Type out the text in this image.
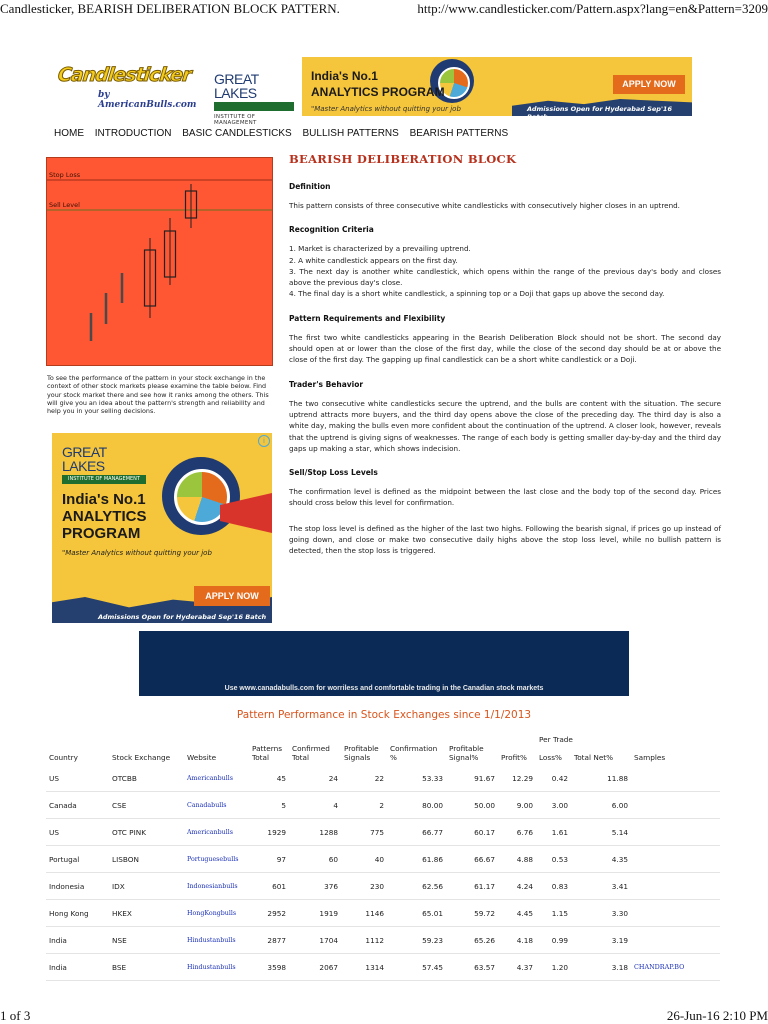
Candlesticker, BEARISH DELIBERATION BLOCK PATTERN.	http://www.candlesticker.com/Pattern.aspx?lang=en&Pattern=3209
1 of 3	26-Jun-16 2:10 PM
Candlesticker
by AmericanBulls.com
GREAT LAKES
INSTITUTE OF MANAGEMENT
India's No.1
ANALYTICS PROGRAM
"Master Analytics without quitting your job
APPLY NOW
Admissions Open for Hyderabad Sep'16 Batch
HOME INTRODUCTION BASIC CANDLESTICKS BULLISH PATTERNS BEARISH PATTERNS
Stop Loss
Sell Level
To see the performance of the pattern in your stock exchange in the context of other stock markets please examine the table below. Find your stock market there and see how it ranks among the others. This will give you an idea about the pattern's strength and reliability and help you in your selling decisions.
i
GREAT LAKES
INSTITUTE OF MANAGEMENT
India's No.1
ANALYTICS
PROGRAM
"Master Analytics without quitting your job
APPLY NOW
Admissions Open for Hyderabad Sep'16 Batch
BEARISH DELIBERATION BLOCK
Definition
This pattern consists of three consecutive white candlesticks with consecutively higher closes in an uptrend.
Recognition Criteria
1. Market is characterized by a prevailing uptrend.
2. A white candlestick appears on the first day.
3. The next day is another white candlestick, which opens within the range of the previous day's body and closes above the previous day's close.
4. The final day is a short white candlestick, a spinning top or a Doji that gaps up above the second day.
Pattern Requirements and Flexibility
The first two white candlesticks appearing in the Bearish Deliberation Block should not be short. The second day should open at or lower than the close of the first day, while the close of the second day should be at or above the close of the first day. The gapping up final candlestick can be a short white candlestick or a Doji.
Trader's Behavior
The two consecutive white candlesticks secure the uptrend, and the bulls are content with the situation. The secure uptrend attracts more buyers, and the third day opens above the close of the preceding day. The third day is also a white day, making the bulls even more confident about the continuation of the uptrend. A closer look, however, reveals that the uptrend is giving signs of weaknesses. The range of each body is getting smaller day-by-day and the third day gaps up making a star, which shows indecision.
Sell/Stop Loss Levels
The confirmation level is defined as the midpoint between the last close and the body top of the second day. Prices should cross below this level for confirmation.
The stop loss level is defined as the higher of the last two highs. Following the bearish signal, if prices go up instead of going down, and close or make two consecutive daily highs above the stop loss level, while no bullish pattern is detected, then the stop loss is triggered.
Use www.canadabulls.com for worriless and comfortable trading in the Canadian stock markets
Pattern Performance in Stock Exchanges since 1/1/2013
									Per Trade		
Country	Stock Exchange	Website	Patterns Total	Confirmed Total	Profitable Signals	Confirmation %	Profitable Signal%	Profit%	Loss%	Total Net%	Samples
US	OTCBB	Americanbulls	45	24	22	53.33	91.67	12.29	0.42	11.88	
Canada	CSE	Canadabulls	5	4	2	80.00	50.00	9.00	3.00	6.00	
US	OTC PINK	Americanbulls	1929	1288	775	66.77	60.17	6.76	1.61	5.14	
Portugal	LISBON	Portuguesebulls	97	60	40	61.86	66.67	4.88	0.53	4.35	
Indonesia	IDX	Indonesianbulls	601	376	230	62.56	61.17	4.24	0.83	3.41	
Hong Kong	HKEX	HongKongbulls	2952	1919	1146	65.01	59.72	4.45	1.15	3.30	
India	NSE	Hindustanbulls	2877	1704	1112	59.23	65.26	4.18	0.99	3.19	
India	BSE	Hindustanbulls	3598	2067	1314	57.45	63.57	4.37	1.20	3.18	CHANDRAP.BO
